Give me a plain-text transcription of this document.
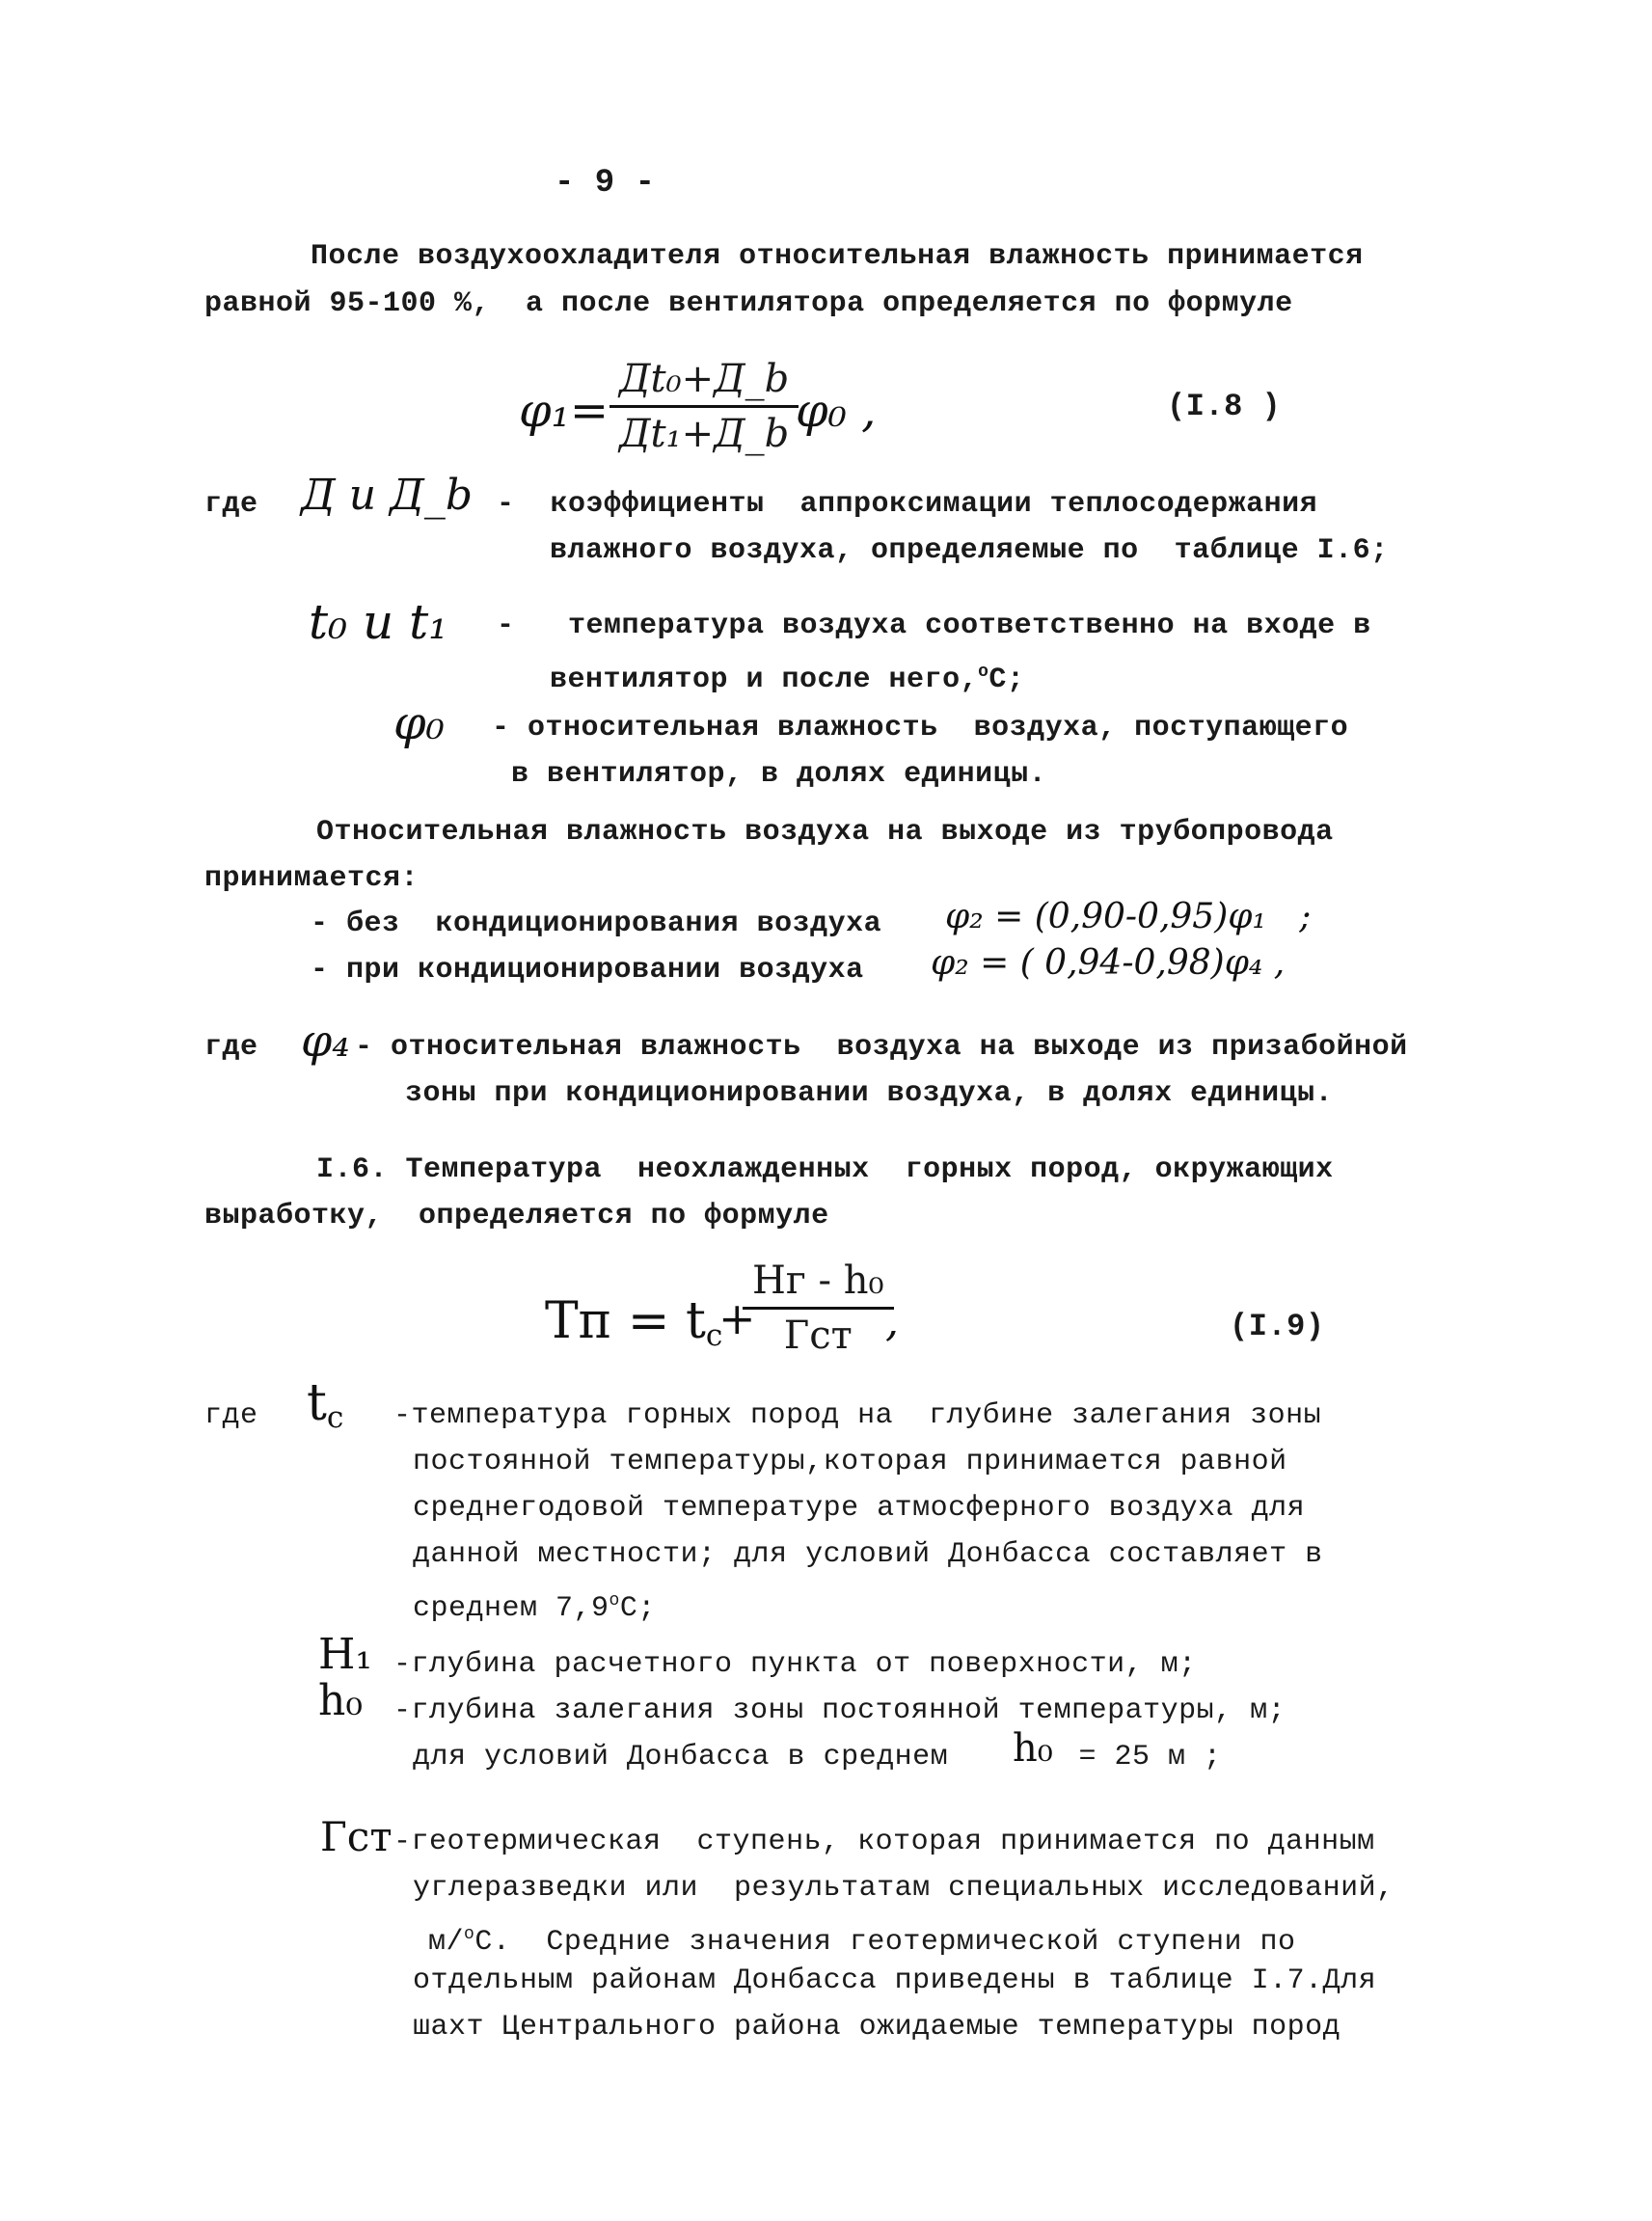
- 9 -
После воздухоохладителя относительная влажность принимается
равной 95-100 %,  а после вентилятора определяется по формуле
φ₁=
Дt₀+Д_b
Дt₁+Д_b φ₀ ,	(I.8 )
где Д и Д_b -  коэффициенты  аппроксимации теплосодержания
влажного воздуха, определяемые по  таблице I.6;
t₀ и t₁ -   температура воздуха соответственно на входе в
вентилятор и после него,$^o$C;
φ₀ - относительная влажность  воздуха, поступающего
в вентилятор, в долях единицы.
Относительная влажность воздуха на выходе из трубопровода
принимается:
- без  кондиционирования воздуха φ₂ = (0,90-0,95)φ₁   ;
- при кондиционировании воздуха φ₂ = ( 0,94-0,98)φ₄ ,
где φ₄ - относительная влажность  воздуха на выходе из призабойной
зоны при кондиционировании воздуха, в долях единицы.
I.6. Температура  неохлажденных  горных пород, окружающих
выработку,  определяется по формуле
Tп = $t_c$
+
Hг - h₀
Гст ,	(I.9)
где $t_c$ -температура горных пород на  глубине залегания зоны
постоянной температуры,которая принимается равной
среднегодовой температуре атмосферного воздуха для
данной местности; для условий Донбасса составляет в
среднем 7,9$^o$C;
H₁ -глубина расчетного пункта от поверхности, м;
h₀ -глубина залегания зоны постоянной температуры, м;
для условий Донбасса в среднем h₀ = 25 м ;
Гст -геотермическая  ступень, которая принимается по данным
углеразведки или  результатам специальных исследований,
м/$^o$C.  Средние значения геотермической ступени по
отдельным районам Донбасса приведены в таблице I.7.Для
шахт Центрального района ожидаемые температуры пород
